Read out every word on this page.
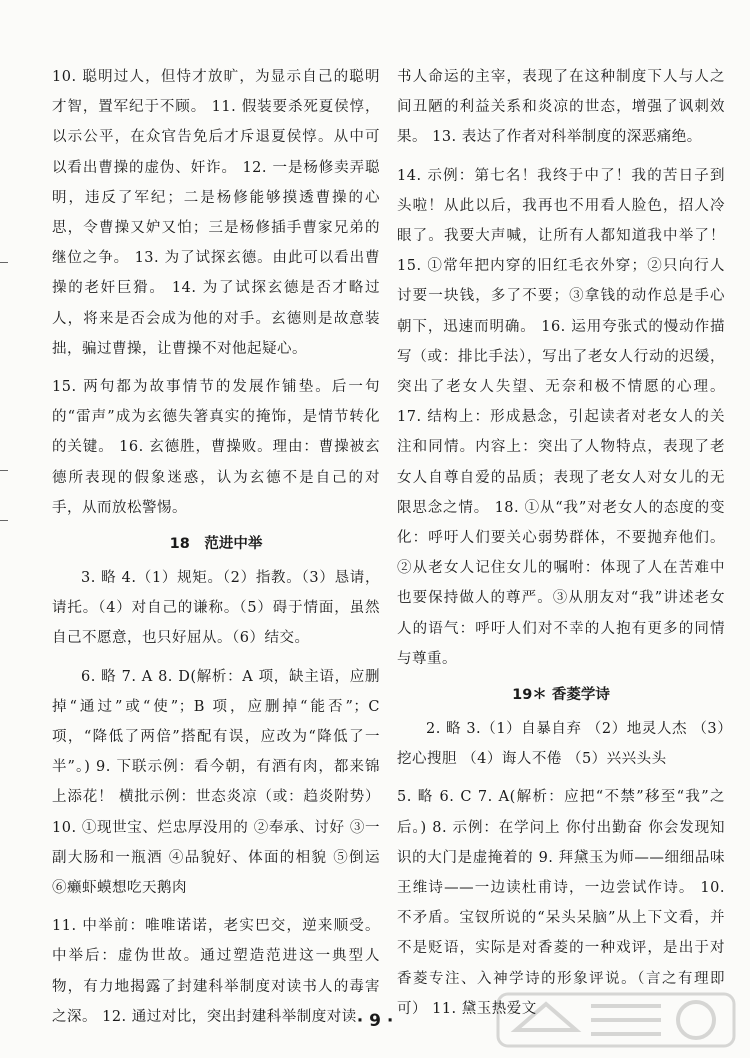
10. 聪明过人，但恃才放旷，为显示自己的聪明才智，置军纪于不顾。 11. 假装要杀死夏侯惇，以示公平，在众官告免后才斥退夏侯惇。从中可以看出曹操的虚伪、奸诈。 12. 一是杨修卖弄聪明，违反了军纪；二是杨修能够摸透曹操的心思，令曹操又妒又怕；三是杨修插手曹家兄弟的继位之争。 13. 为了试探玄德。由此可以看出曹操的老奸巨猾。 14. 为了试探玄德是否才略过人，将来是否会成为他的对手。玄德则是故意装拙，骗过曹操，让曹操不对他起疑心。

15. 两句都为故事情节的发展作铺垫。后一句的“雷声”成为玄德失箸真实的掩饰，是情节转化的关键。 16. 玄德胜，曹操败。理由：曹操被玄德所表现的假象迷惑，认为玄德不是自己的对手，从而放松警惕。

18　范进中举

3. 略 4.（1）规矩。（2）指教。（3）恳请，请托。（4）对自己的谦称。（5）碍于情面，虽然自己不愿意，也只好屈从。（6）结交。

6. 略 7. A 8. D(解析：A 项，缺主语，应删掉“通过”或“使”；B 项，应删掉“能否”；C 项，“降低了两倍”搭配有误，应改为“降低了一半”。) 9. 下联示例：看今朝，有酒有肉，都来锦上添花！ 横批示例：世态炎凉（或：趋炎附势） 10. ①现世宝、烂忠厚没用的 ②奉承、讨好 ③一副大肠和一瓶酒 ④品貌好、体面的相貌 ⑤倒运 ⑥癞虾蟆想吃天鹅肉

11. 中举前：唯唯诺诺，老实巴交，逆来顺受。中举后：虚伪世故。通过塑造范进这一典型人物，有力地揭露了封建科举制度对读书人的毒害之深。 12. 通过对比，突出封建科举制度对读

书人命运的主宰，表现了在这种制度下人与人之间丑陋的利益关系和炎凉的世态，增强了讽刺效果。 13. 表达了作者对科举制度的深恶痛绝。

14. 示例：第七名！我终于中了！我的苦日子到头啦！从此以后，我再也不用看人脸色，招人冷眼了。我要大声喊，让所有人都知道我中举了！ 15. ①常年把内穿的旧红毛衣外穿；②只向行人讨要一块钱，多了不要；③拿钱的动作总是手心朝下，迅速而明确。 16. 运用夸张式的慢动作描写（或：排比手法），写出了老女人行动的迟缓，突出了老女人失望、无奈和极不情愿的心理。 17. 结构上：形成悬念，引起读者对老女人的关注和同情。内容上：突出了人物特点，表现了老女人自尊自爱的品质；表现了老女人对女儿的无限思念之情。 18. ①从“我”对老女人的态度的变化：呼吁人们要关心弱势群体，不要抛弃他们。②从老女人记住女儿的嘱咐：体现了人在苦难中也要保持做人的尊严。③从朋友对“我”讲述老女人的语气：呼吁人们对不幸的人抱有更多的同情与尊重。

19＊ 香菱学诗

2. 略 3.（1）自暴自弃 （2）地灵人杰 （3）挖心搜胆 （4）诲人不倦 （5）兴兴头头

5. 略 6. C 7. A(解析：应把“不禁”移至“我”之后。) 8. 示例：在学问上 你付出勤奋 你会发现知识的大门是虚掩着的 9. 拜黛玉为师——细细品味王维诗——一边读杜甫诗，一边尝试作诗。 10. 不矛盾。宝钗所说的“呆头呆脑”从上下文看，并不是贬语，实际是对香菱的一种戏评，是出于对香菱专注、入神学诗的形象评说。（言之有理即可） 11. 黛玉热爱文

· 9 ·
